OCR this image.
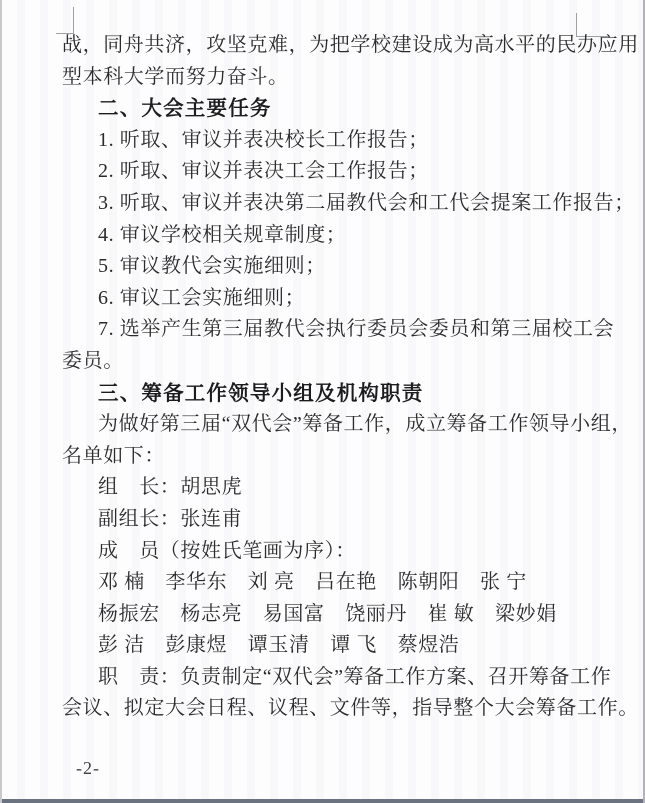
战，同舟共济，攻坚克难，为把学校建设成为高水平的民办应用
型本科大学而努力奋斗。
二、大会主要任务
1. 听取、审议并表决校长工作报告；
2. 听取、审议并表决工会工作报告；
3. 听取、审议并表决第二届教代会和工代会提案工作报告；
4. 审议学校相关规章制度；
5. 审议教代会实施细则；
6. 审议工会实施细则；
7. 选举产生第三届教代会执行委员会委员和第三届校工会
委员。
三、筹备工作领导小组及机构职责
为做好第三届“双代会”筹备工作，成立筹备工作领导小组，
名单如下：
组　长：胡思虎
副组长：张连甫
成　员（按姓氏笔画为序）：
邓 楠　李华东　刘 亮　吕在艳　陈朝阳　张 宁
杨振宏　杨志亮　易国富　饶丽丹　崔 敏　梁妙娟
彭 洁　彭康煜　谭玉清　谭 飞　蔡煜浩
职　责：负责制定“双代会”筹备工作方案、召开筹备工作
会议、拟定大会日程、议程、文件等，指导整个大会筹备工作。
-2-
